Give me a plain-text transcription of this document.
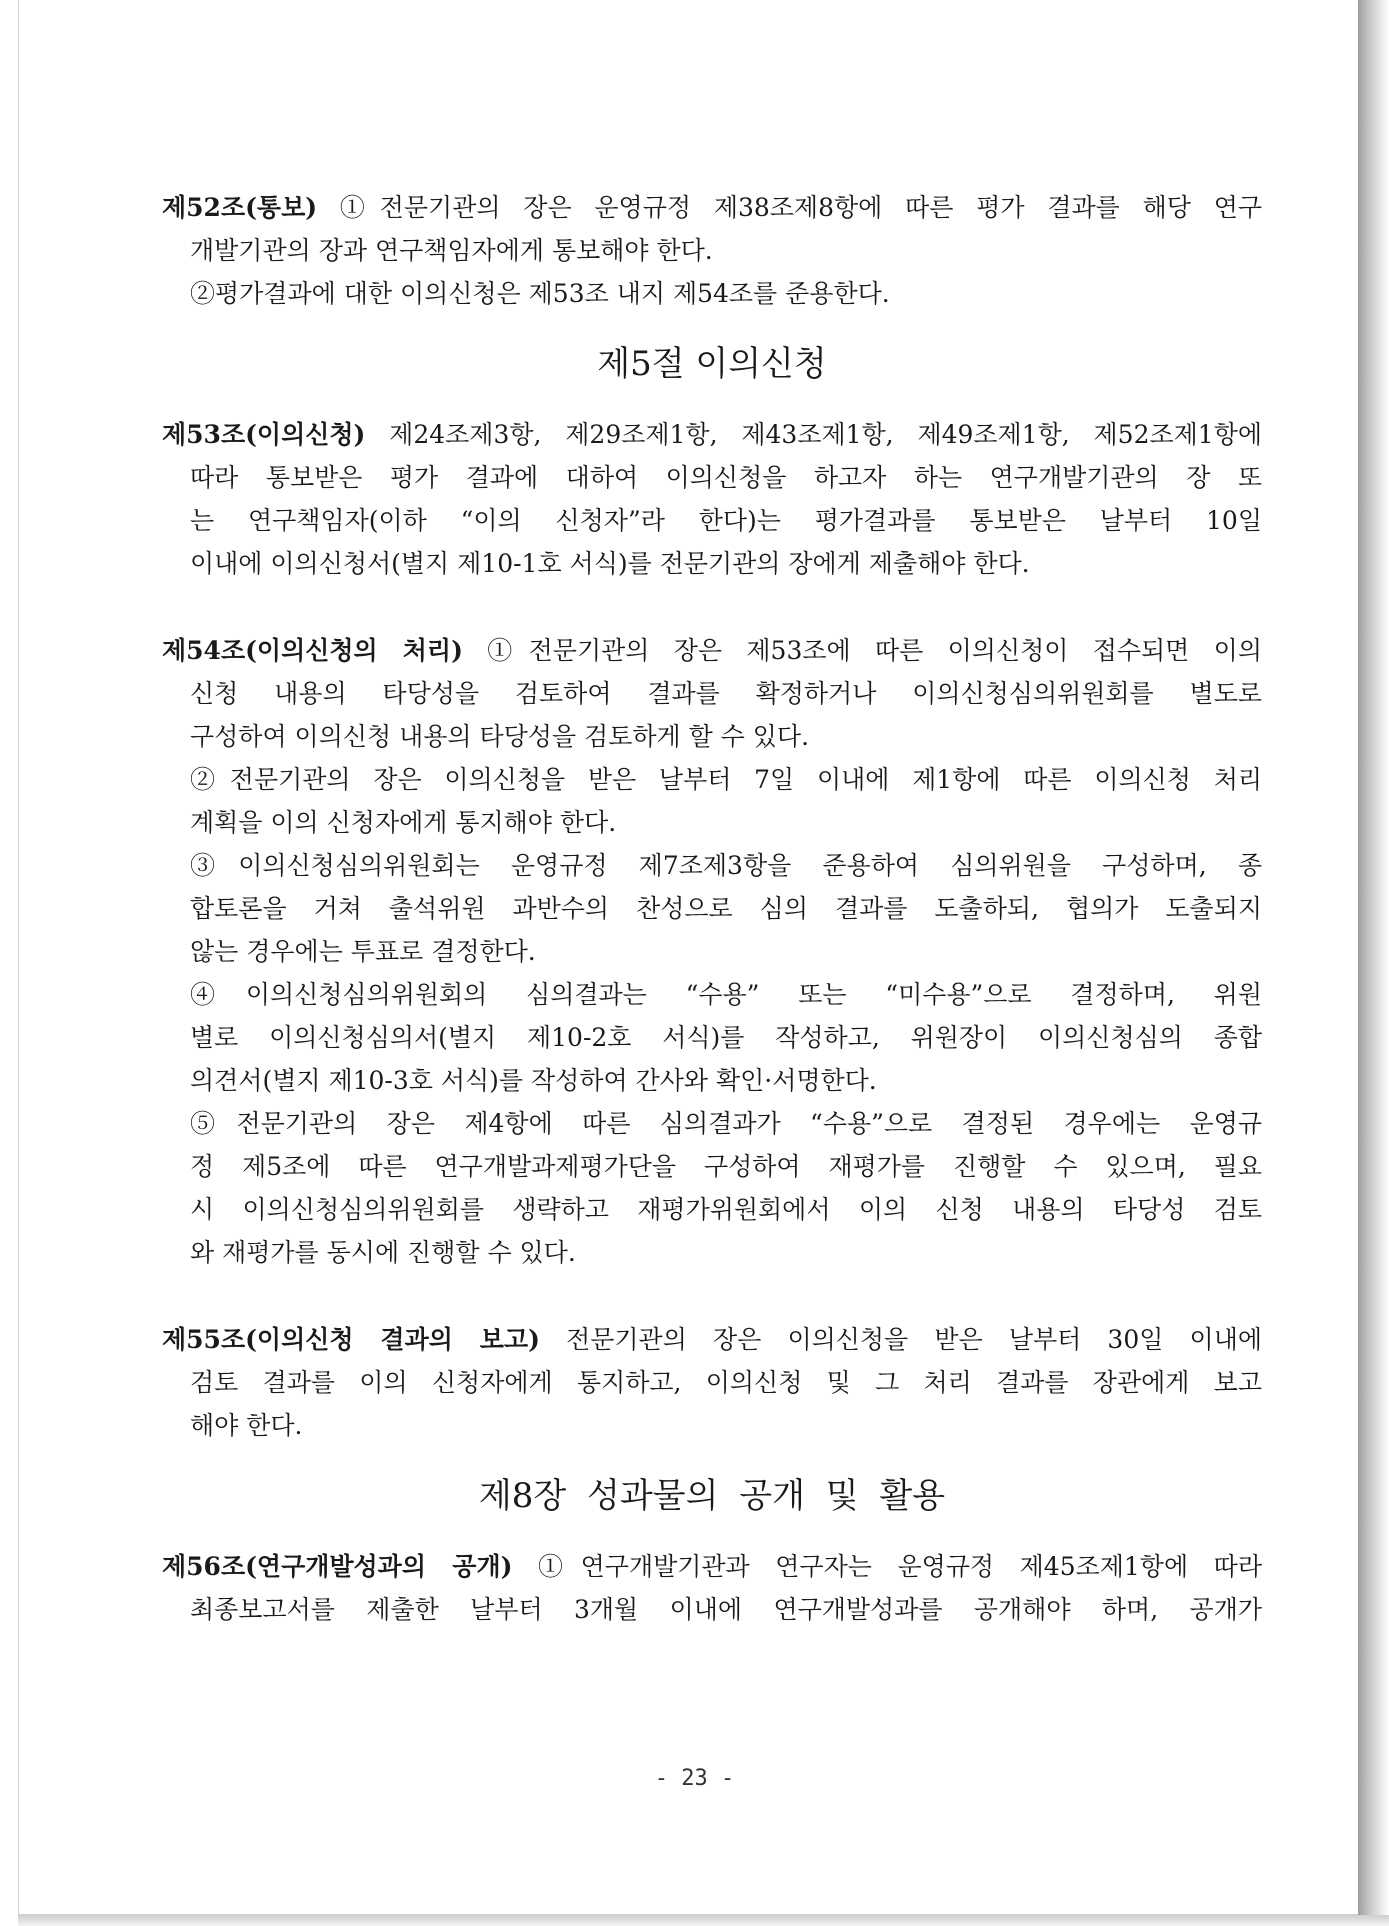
제52조(통보) ①전문기관의 장은 운영규정 제38조제8항에 따른 평가 결과를 해당 연구
개발기관의 장과 연구책임자에게 통보해야 한다.
②평가결과에 대한 이의신청은 제53조 내지 제54조를 준용한다.
제5절 이의신청
제53조(이의신청) 제24조제3항, 제29조제1항, 제43조제1항, 제49조제1항, 제52조제1항에
따라 통보받은 평가 결과에 대하여 이의신청을 하고자 하는 연구개발기관의 장 또
는 연구책임자(이하 “이의 신청자”라 한다)는 평가결과를 통보받은 날부터 10일
이내에 이의신청서(별지 제10-1호 서식)를 전문기관의 장에게 제출해야 한다.
제54조(이의신청의 처리) ①전문기관의 장은 제53조에 따른 이의신청이 접수되면 이의
신청 내용의 타당성을 검토하여 결과를 확정하거나 이의신청심의위원회를 별도로
구성하여 이의신청 내용의 타당성을 검토하게 할 수 있다.
②전문기관의 장은 이의신청을 받은 날부터 7일 이내에 제1항에 따른 이의신청 처리
계획을 이의 신청자에게 통지해야 한다.
③이의신청심의위원회는 운영규정 제7조제3항을 준용하여 심의위원을 구성하며, 종
합토론을 거쳐 출석위원 과반수의 찬성으로 심의 결과를 도출하되, 협의가 도출되지
않는 경우에는 투표로 결정한다.
④이의신청심의위원회의 심의결과는 “수용” 또는 “미수용”으로 결정하며, 위원
별로 이의신청심의서(별지 제10-2호 서식)를 작성하고, 위원장이 이의신청심의 종합
의견서(별지 제10-3호 서식)를 작성하여 간사와 확인·서명한다.
⑤전문기관의 장은 제4항에 따른 심의결과가 “수용”으로 결정된 경우에는 운영규
정 제5조에 따른 연구개발과제평가단을 구성하여 재평가를 진행할 수 있으며, 필요
시 이의신청심의위원회를 생략하고 재평가위원회에서 이의 신청 내용의 타당성 검토
와 재평가를 동시에 진행할 수 있다.
제55조(이의신청 결과의 보고) 전문기관의 장은 이의신청을 받은 날부터 30일 이내에
검토 결과를 이의 신청자에게 통지하고, 이의신청 및 그 처리 결과를 장관에게 보고
해야 한다.
제8장 성과물의 공개 및 활용
제56조(연구개발성과의 공개) ①연구개발기관과 연구자는 운영규정 제45조제1항에 따라
최종보고서를 제출한 날부터 3개월 이내에 연구개발성과를 공개해야 하며, 공개가
- 23 -
